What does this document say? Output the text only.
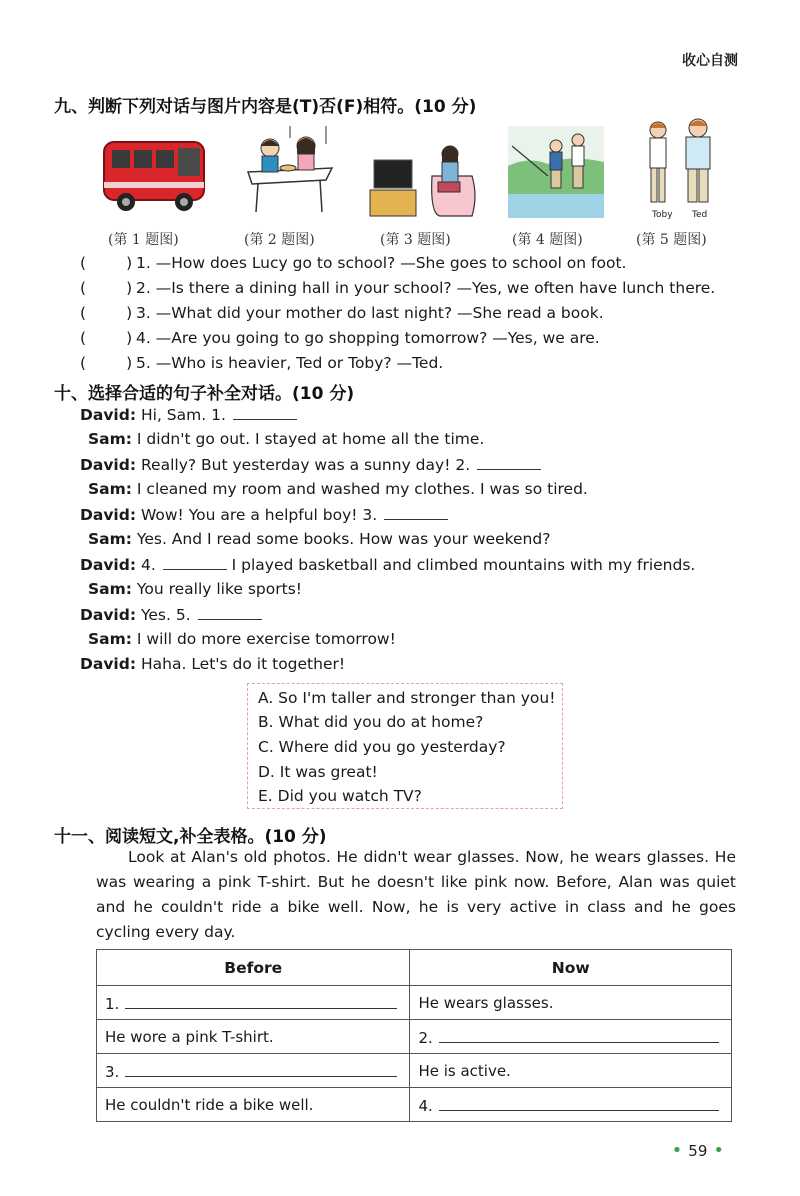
收心自测
九、判断下列对话与图片内容是(T)否(F)相符。(10 分)
Toby Ted
(第 1 题图)	(第 2 题图)	(第 3 题图)	(第 4 题图)	(第 5 题图)
(	) 1. —How does Lucy go to school? —She goes to school on foot.
(	) 2. —Is there a dining hall in your school? —Yes, we often have lunch there.
(	) 3. —What did your mother do last night? —She read a book.
(	) 4. —Are you going to go shopping tomorrow? —Yes, we are.
(	) 5. —Who is heavier, Ted or Toby? —Ted.
十、选择合适的句子补全对话。(10 分)
David: Hi, Sam. 1.
Sam: I didn't go out. I stayed at home all the time.
David: Really? But yesterday was a sunny day! 2.
Sam: I cleaned my room and washed my clothes. I was so tired.
David: Wow! You are a helpful boy! 3.
Sam: Yes. And I read some books. How was your weekend?
David: 4.	I played basketball and climbed mountains with my friends.
Sam: You really like sports!
David: Yes. 5.
Sam: I will do more exercise tomorrow!
David: Haha. Let's do it together!
A. So I'm taller and stronger than you!
B. What did you do at home?
C. Where did you go yesterday?
D. It was great!
E. Did you watch TV?
十一、阅读短文,补全表格。(10 分)
Look at Alan's old photos. He didn't wear glasses. Now, he wears glasses. He was wearing a pink T-shirt. But he doesn't like pink now. Before, Alan was quiet and he couldn't ride a bike well. Now, he is very active in class and he goes cycling every day.
Before	Now
1.	He wears glasses.
He wore a pink T-shirt.	2.
3.	He is active.
He couldn't ride a bike well.	4.
• 59 •
